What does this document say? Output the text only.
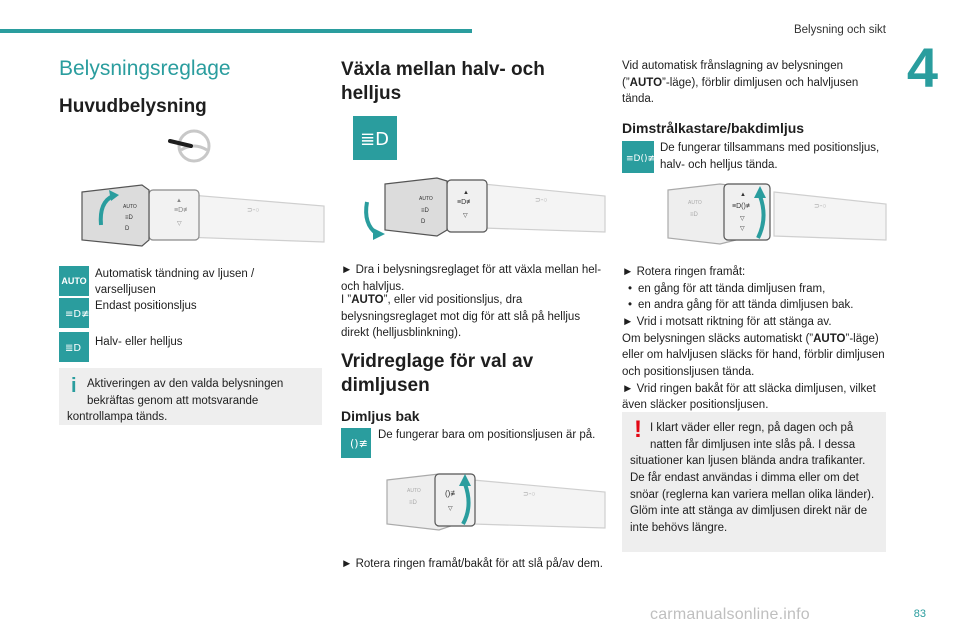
Belysning och sikt
4
83
carmanualsonline.info
Belysningsreglage
Huvudbelysning
AUTO
≡D
D
≡D≢
▲
▽
⊃-○
AUTO
Automatisk tändning av ljusen / varselljusen
≡D≢
Endast positionsljus
≣D
Halv- eller helljus
i Aktiveringen av den valda belysningen bekräftas genom att motsvarande
kontrollampa tänds.
Växla mellan halv- och helljus
≣D
AUTO
≡D
D
≡D≢
▲
▽
⊃-○
► Dra i belysningsreglaget för att växla mellan hel- och halvljus.
I ”AUTO”, eller vid positionsljus, dra belysningsreglaget mot dig för att slå på helljus direkt (helljusblinkning).
Vridreglage för val av dimljusen
Dimljus bak
()≢
De fungerar bara om positionsljusen är på.
AUTO
≡D
()≢
▽
⊃-○
► Rotera ringen framåt/bakåt för att slå på/av dem.
Vid automatisk frånslagning av belysningen (”AUTO”-läge), förblir dimljusen och halvljusen tända.
Dimstrålkastare/bakdimljus
≡D()≢
De fungerar tillsammans med positionsljus, halv- och helljus tända.
AUTO
≡D
▲
≡D()≢
▽
▽
⊃-○
► Rotera ringen framåt:
• en gång för att tända dimljusen fram,
• en andra gång för att tända dimljusen bak.
► Vrid i motsatt riktning för att stänga av.
Om belysningen släcks automatiskt (”AUTO”-läge) eller om halvljusen släcks för hand, förblir dimljusen och positionsljusen tända.
► Vrid ringen bakåt för att släcka dimljusen, vilket även släcker positionsljusen.
! I klart väder eller regn, på dagen och på natten får dimljusen inte slås på. I dessa
situationer kan ljusen blända andra trafikanter. De får endast användas i dimma eller om det snöar (reglerna kan variera mellan olika länder).
Glöm inte att stänga av dimljusen direkt när de inte behövs längre.
